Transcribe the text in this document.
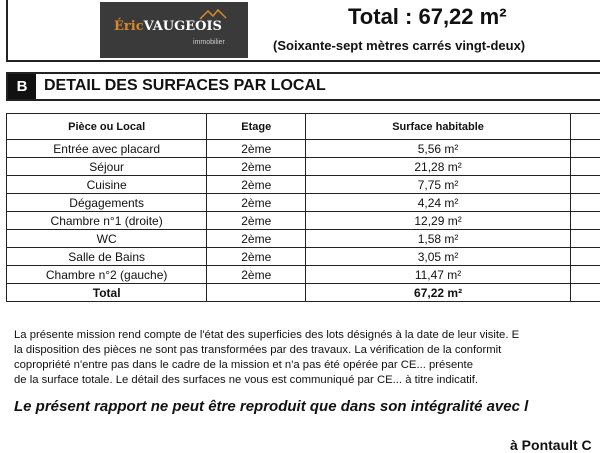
ÉricVAUGEOIS
immobilier
Total : 67,22 m²
(Soixante-sept mètres carrés vingt-deux)
B	DETAIL DES SURFACES PAR LOCAL
Pièce ou Local	Etage	Surface habitable	
Entrée avec placard	2ème	5,56 m²	
Séjour	2ème	21,28 m²	
Cuisine	2ème	7,75 m²	
Dégagements	2ème	4,24 m²	
Chambre n°1 (droite)	2ème	12,29 m²	
WC	2ème	1,58 m²	
Salle de Bains	2ème	3,05 m²	
Chambre n°2 (gauche)	2ème	11,47 m²	
Total		67,22 m²	
La présente mission rend compte de l'état des superficies des lots désignés à la date de leur visite. E
la disposition des pièces ne sont pas transformées par des travaux. La vérification de la conformit
copropriété n'entre pas dans le cadre de la mission et n'a pas été opérée par CE... présente
de la surface totale. Le détail des surfaces ne vous est communiqué par CE... à titre indicatif.
Le présent rapport ne peut être reproduit que dans son intégralité avec l
à Pontault C
